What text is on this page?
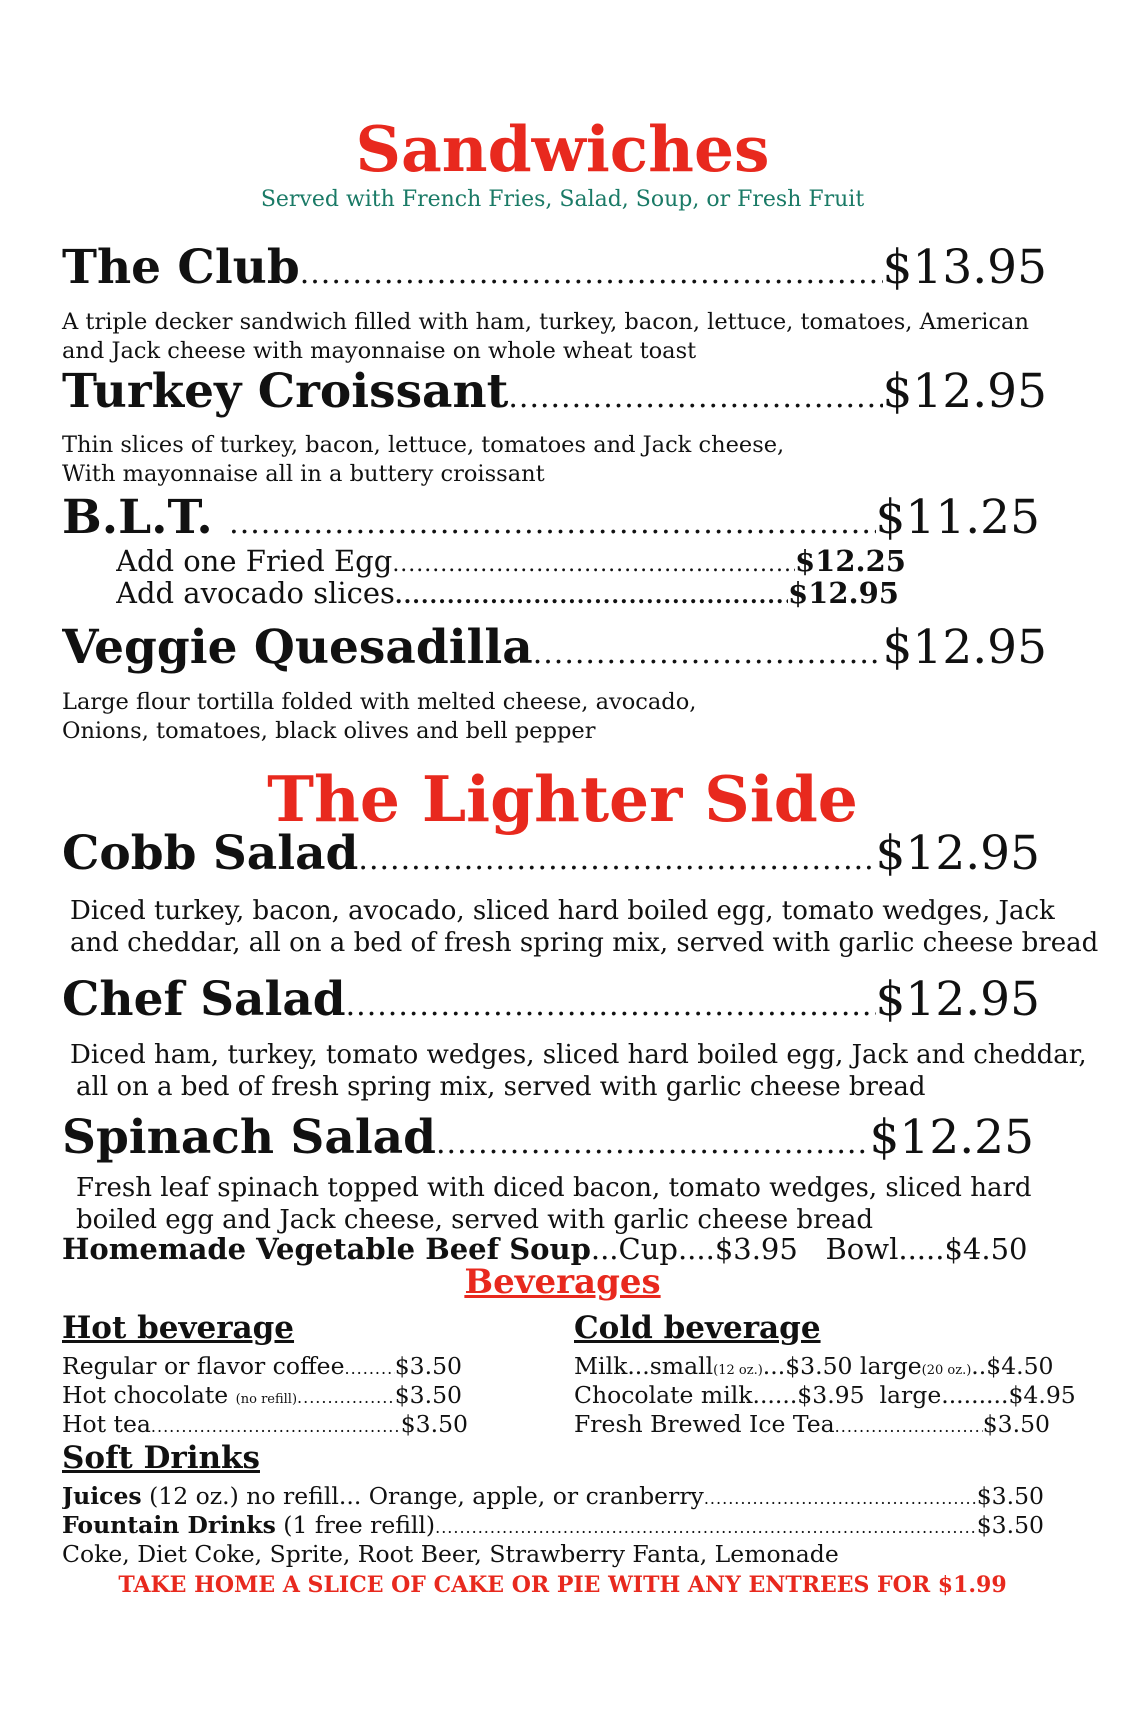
Sandwiches
Served with French Fries, Salad, Soup, or Fresh Fruit
The Club .....	$13.95
A triple decker sandwich filled with ham, turkey, bacon, lettuce, tomatoes, American
and Jack cheese with mayonnaise on whole wheat toast
Turkey Croissant .....	$12.95
Thin slices of turkey, bacon, lettuce, tomatoes and Jack cheese,
With mayonnaise all in a buttery croissant
B.L.T. .....	$11.25
Add one Fried Egg .....	$12.25
Add avocado slices .....	$12.95
Veggie Quesadilla .....	$12.95
Large flour tortilla folded with melted cheese, avocado,
Onions, tomatoes, black olives and bell pepper
The Lighter Side
Cobb Salad .....	$12.95
Diced turkey, bacon, avocado, sliced hard boiled egg, tomato wedges, Jack
and cheddar, all on a bed of fresh spring mix, served with garlic cheese bread
Chef Salad .....	$12.95
Diced ham, turkey, tomato wedges, sliced hard boiled egg, Jack and cheddar,
all on a bed of fresh spring mix, served with garlic cheese bread
Spinach Salad .....	$12.25
Fresh leaf spinach topped with diced bacon, tomato wedges, sliced hard
boiled egg and Jack cheese, served with garlic cheese bread
Homemade Vegetable Beef Soup...Cup....$3.95 Bowl.....$4.50
Beverages
Hot beverage
Regular or flavor coffee ..... $3.50
Hot chocolate (no refill) .....	$3.50
Hot tea .....	$3.50
Cold beverage
Milk...small(12 oz.)...$3.50 large(20 oz.)..$4.50
Chocolate milk......$3.95  large.........$4.95
Fresh Brewed Ice Tea .....	$3.50
Soft Drinks
Juices (12 oz.) no refill... Orange, apple, or cranberry .....	$3.50
Fountain Drinks (1 free refill) .....	$3.50
Coke, Diet Coke, Sprite, Root Beer, Strawberry Fanta, Lemonade
TAKE HOME A SLICE OF CAKE OR PIE WITH ANY ENTREES FOR $1.99
